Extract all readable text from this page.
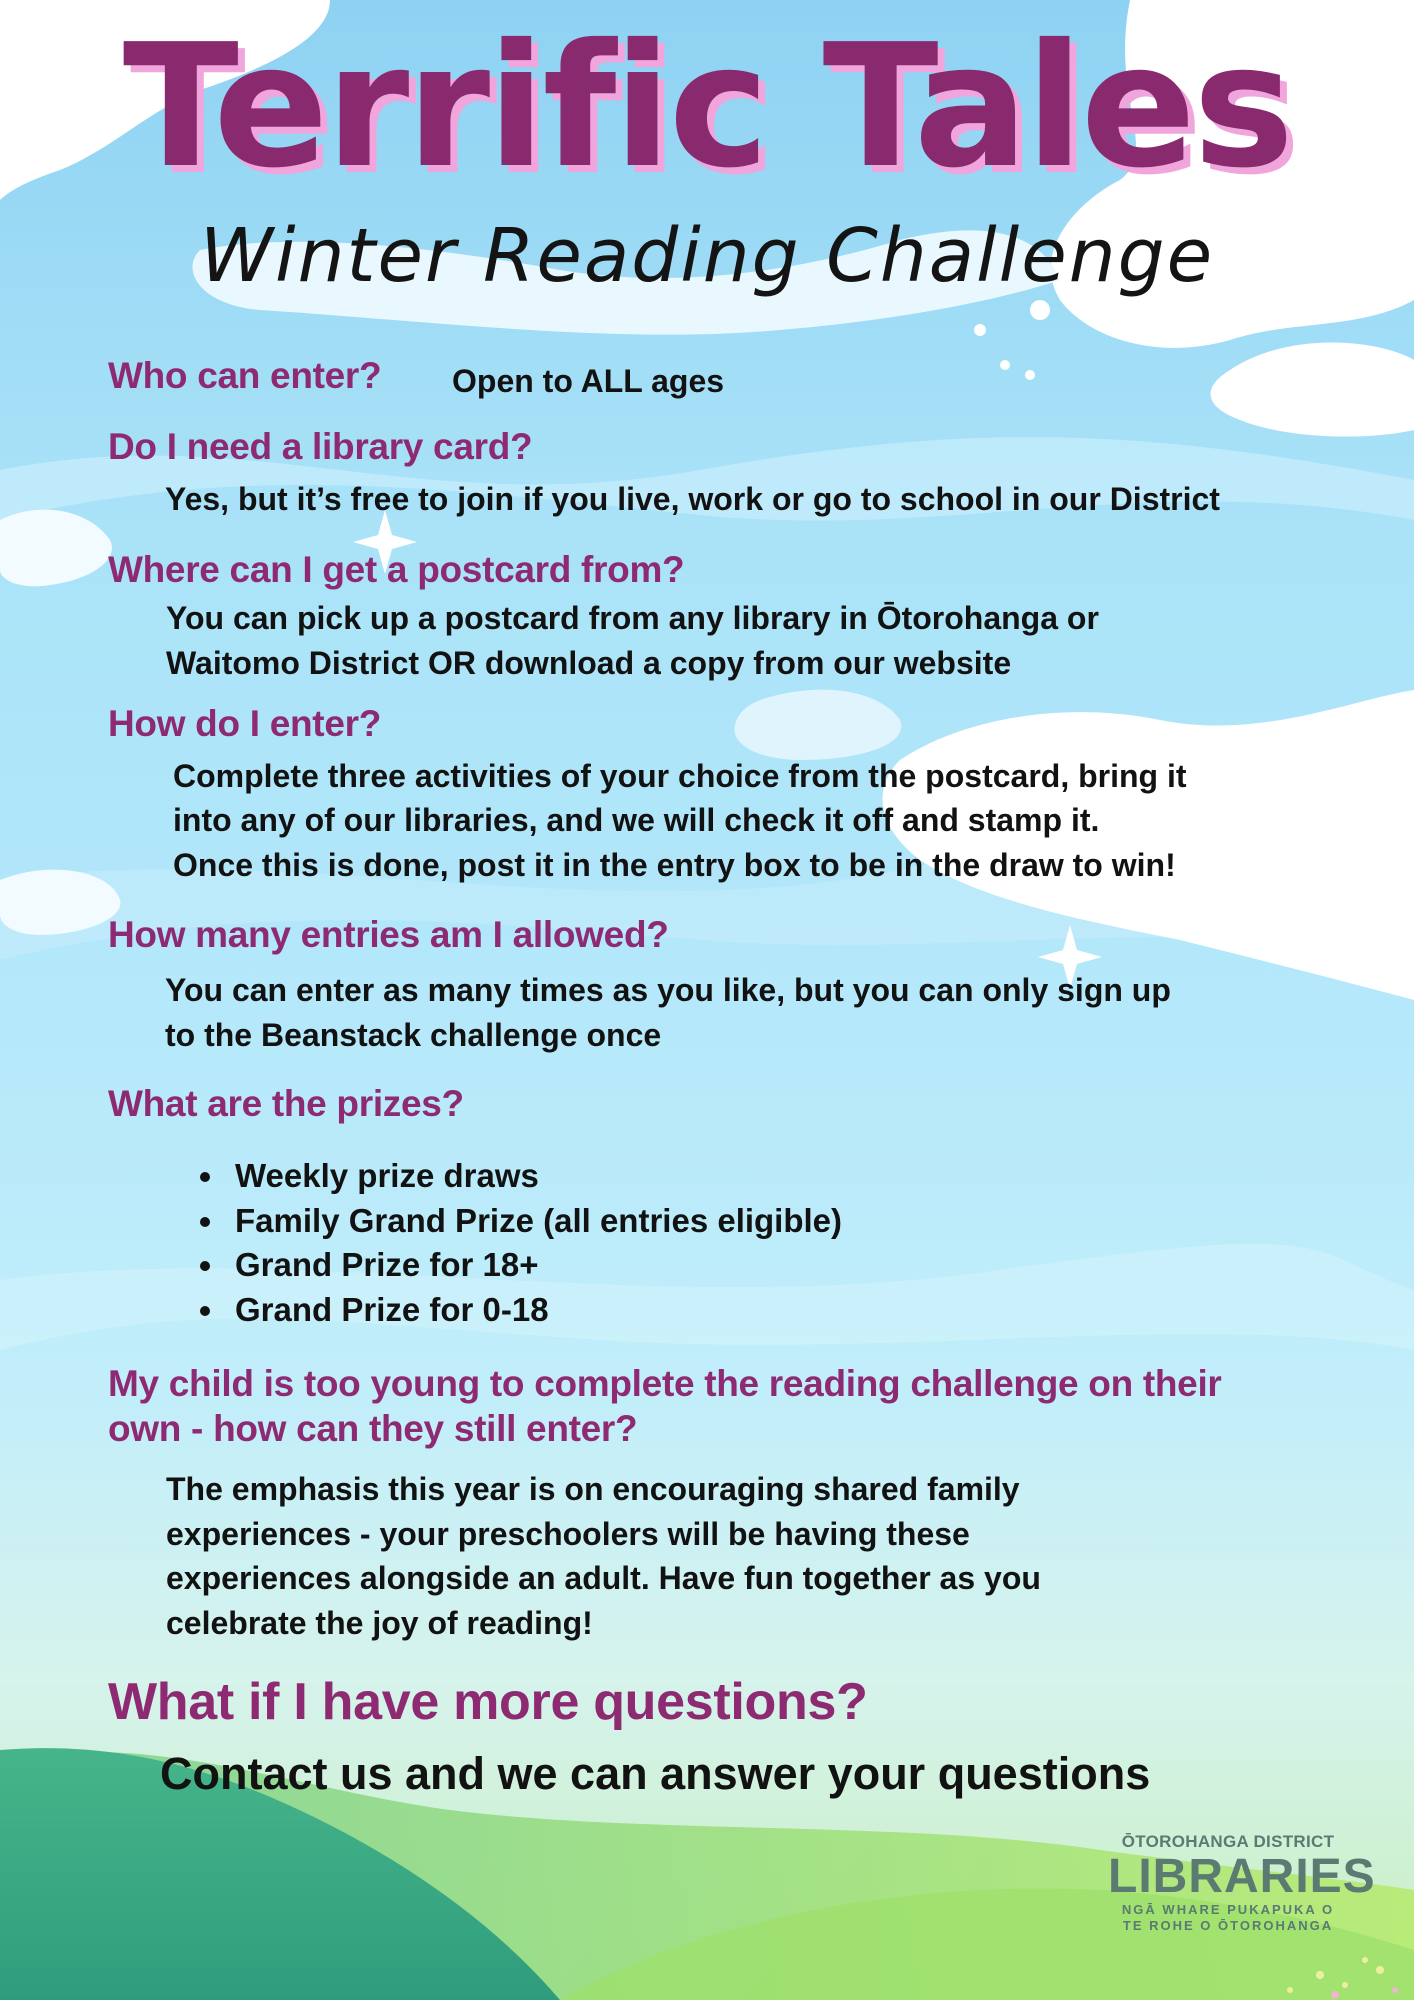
Terrific Tales
Winter Reading Challenge
Who can enter?	Open to ALL ages
Do I need a library card?
Yes, but it’s free to join if you live, work or go to school in our District
Where can I get a postcard from?
You can pick up a postcard from any library in Ōtorohanga or
Waitomo District OR download a copy from our website
How do I enter?
Complete three activities of your choice from the postcard, bring it
into any of our libraries, and we will check it off and stamp it.
Once this is done, post it in the entry box to be in the draw to win!
How many entries am I allowed?
You can enter as many times as you like, but you can only sign up
to the Beanstack challenge once
What are the prizes?
• Weekly prize draws
• Family Grand Prize (all entries eligible)
• Grand Prize for 18+
• Grand Prize for 0-18
My child is too young to complete the reading challenge on their
own - how can they still enter?
The emphasis this year is on encouraging shared family
experiences - your preschoolers will be having these
experiences alongside an adult. Have fun together as you
celebrate the joy of reading!
What if I have more questions?
Contact us and we can answer your questions
ŌTOROHANGA DISTRICT
LIBRARIES
NGĀ WHARE PUKAPUKA O
TE ROHE O ŌTOROHANGA
